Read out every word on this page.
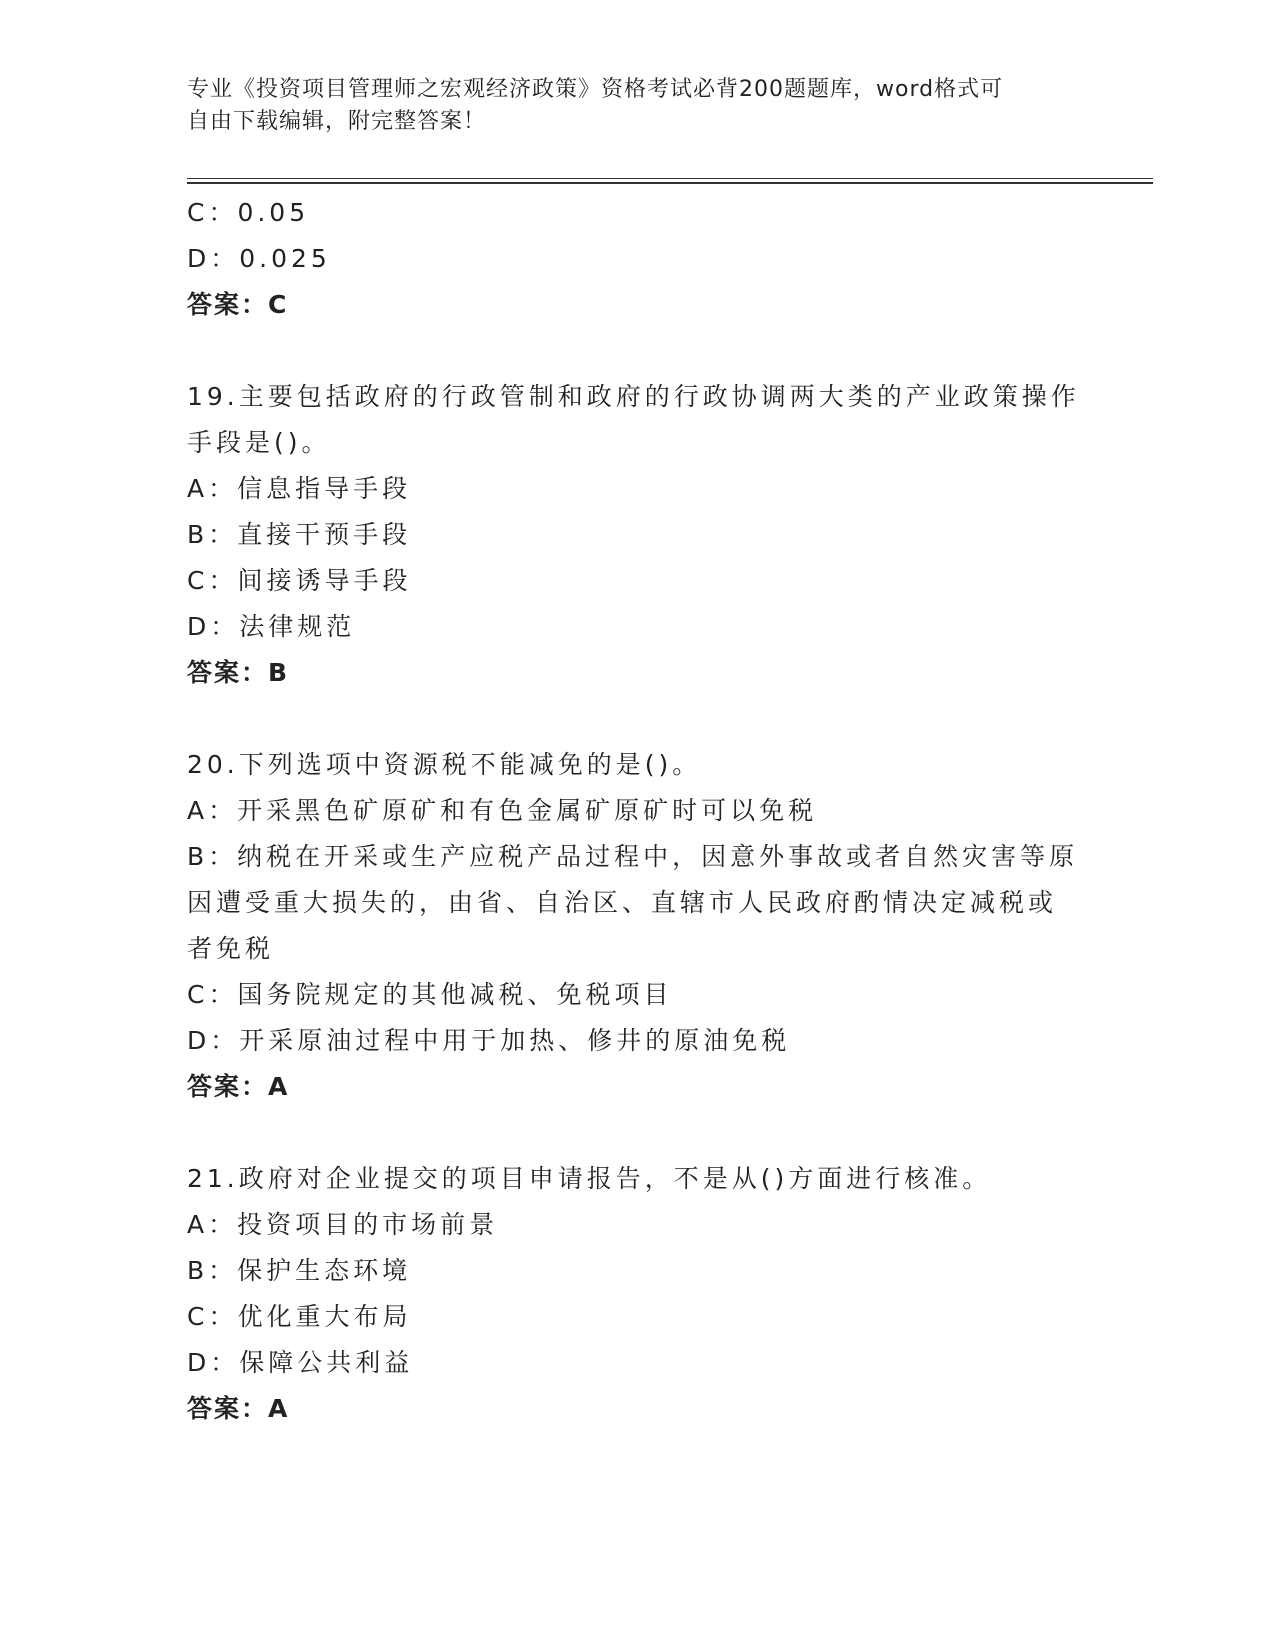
专业《投资项目管理师之宏观经济政策》资格考试必背200题题库，word格式可
自由下载编辑，附完整答案！
C：0.05
D：0.025
答案：C
19.主要包括政府的行政管制和政府的行政协调两大类的产业政策操作
手段是()。
A：信息指导手段
B：直接干预手段
C：间接诱导手段
D：法律规范
答案：B
20.下列选项中资源税不能减免的是()。
A：开采黑色矿原矿和有色金属矿原矿时可以免税
B：纳税在开采或生产应税产品过程中，因意外事故或者自然灾害等原
因遭受重大损失的，由省、自治区、直辖市人民政府酌情决定减税或
者免税
C：国务院规定的其他减税、免税项目
D：开采原油过程中用于加热、修井的原油免税
答案：A
21.政府对企业提交的项目申请报告，不是从()方面进行核准。
A：投资项目的市场前景
B：保护生态环境
C：优化重大布局
D：保障公共利益
答案：A
